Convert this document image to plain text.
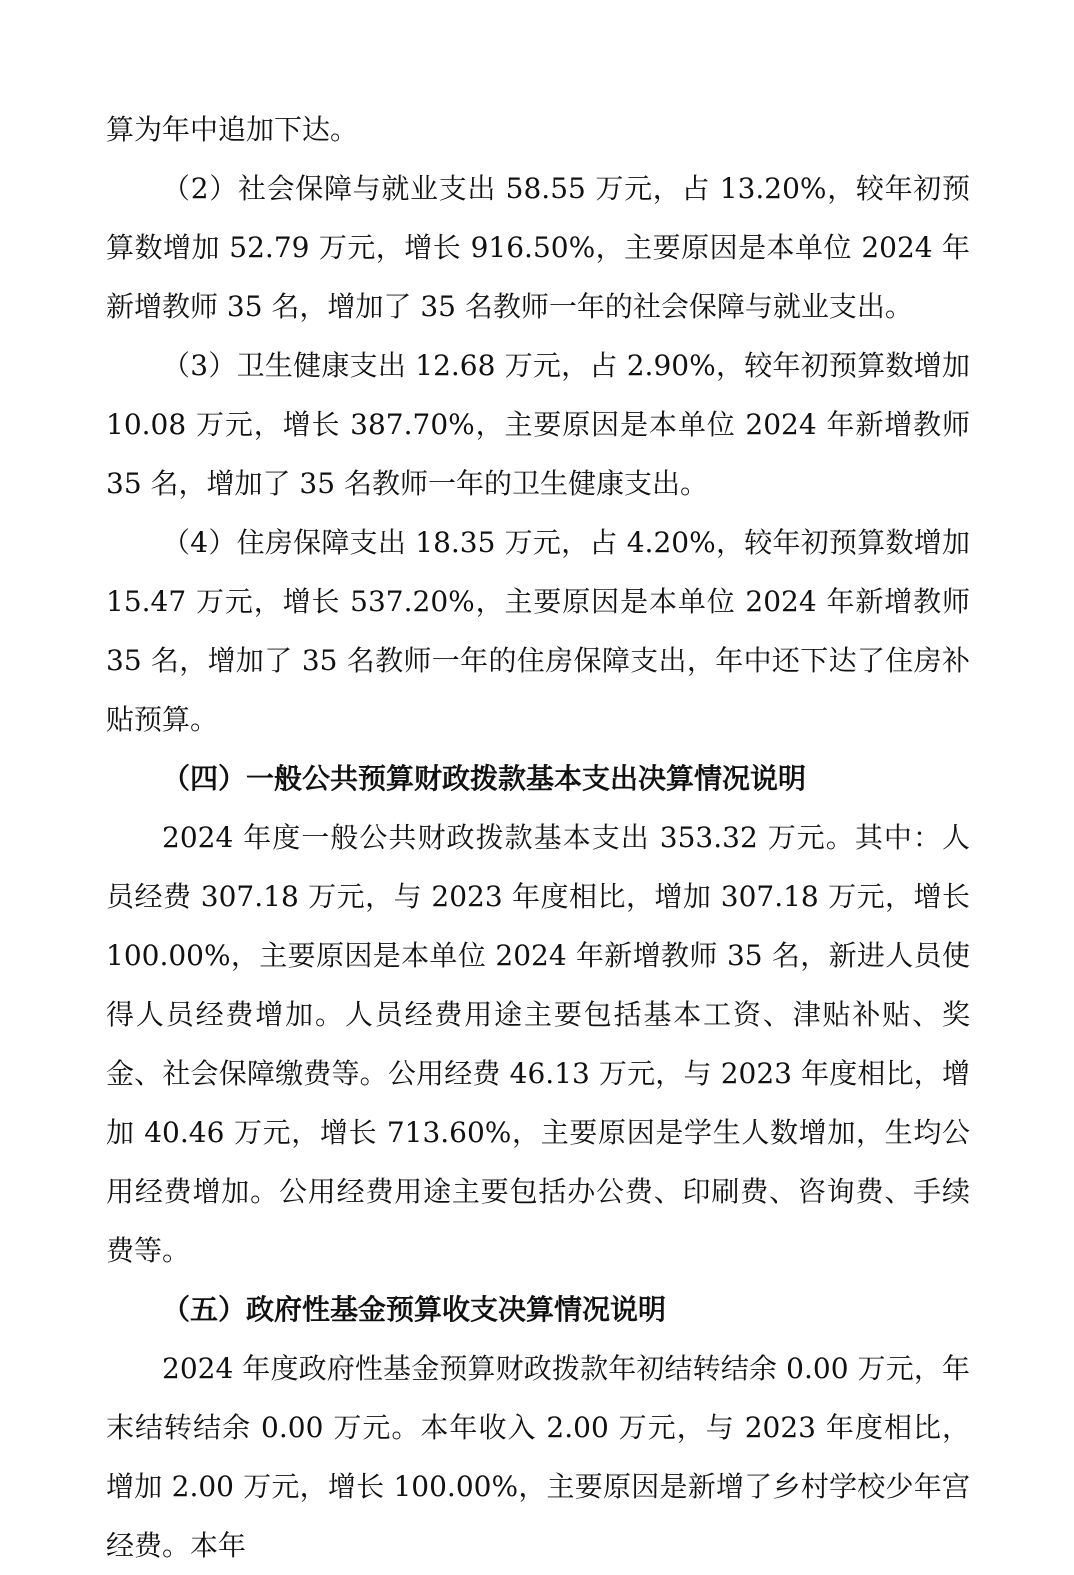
算为年中追加下达。

（2）社会保障与就业支出 58.55 万元，占 13.20%，较年初预算数增加 52.79 万元，增长 916.50%，主要原因是本单位 2024 年新增教师 35 名，增加了 35 名教师一年的社会保障与就业支出。

（3）卫生健康支出 12.68 万元，占 2.90%，较年初预算数增加 10.08 万元，增长 387.70%，主要原因是本单位 2024 年新增教师 35 名，增加了 35 名教师一年的卫生健康支出。

（4）住房保障支出 18.35 万元，占 4.20%，较年初预算数增加 15.47 万元，增长 537.20%，主要原因是本单位 2024 年新增教师 35 名，增加了 35 名教师一年的住房保障支出，年中还下达了住房补贴预算。

（四）一般公共预算财政拨款基本支出决算情况说明

2024 年度一般公共财政拨款基本支出 353.32 万元。其中：人员经费 307.18 万元，与 2023 年度相比，增加 307.18 万元，增长 100.00%，主要原因是本单位 2024 年新增教师 35 名，新进人员使得人员经费增加。人员经费用途主要包括基本工资、津贴补贴、奖金、社会保障缴费等。公用经费 46.13 万元，与 2023 年度相比，增加 40.46 万元，增长 713.60%，主要原因是学生人数增加，生均公用经费增加。公用经费用途主要包括办公费、印刷费、咨询费、手续费等。

（五）政府性基金预算收支决算情况说明

2024 年度政府性基金预算财政拨款年初结转结余 0.00 万元，年末结转结余 0.00 万元。本年收入 2.00 万元，与 2023 年度相比，增加 2.00 万元，增长 100.00%，主要原因是新增了乡村学校少年宫经费。本年
